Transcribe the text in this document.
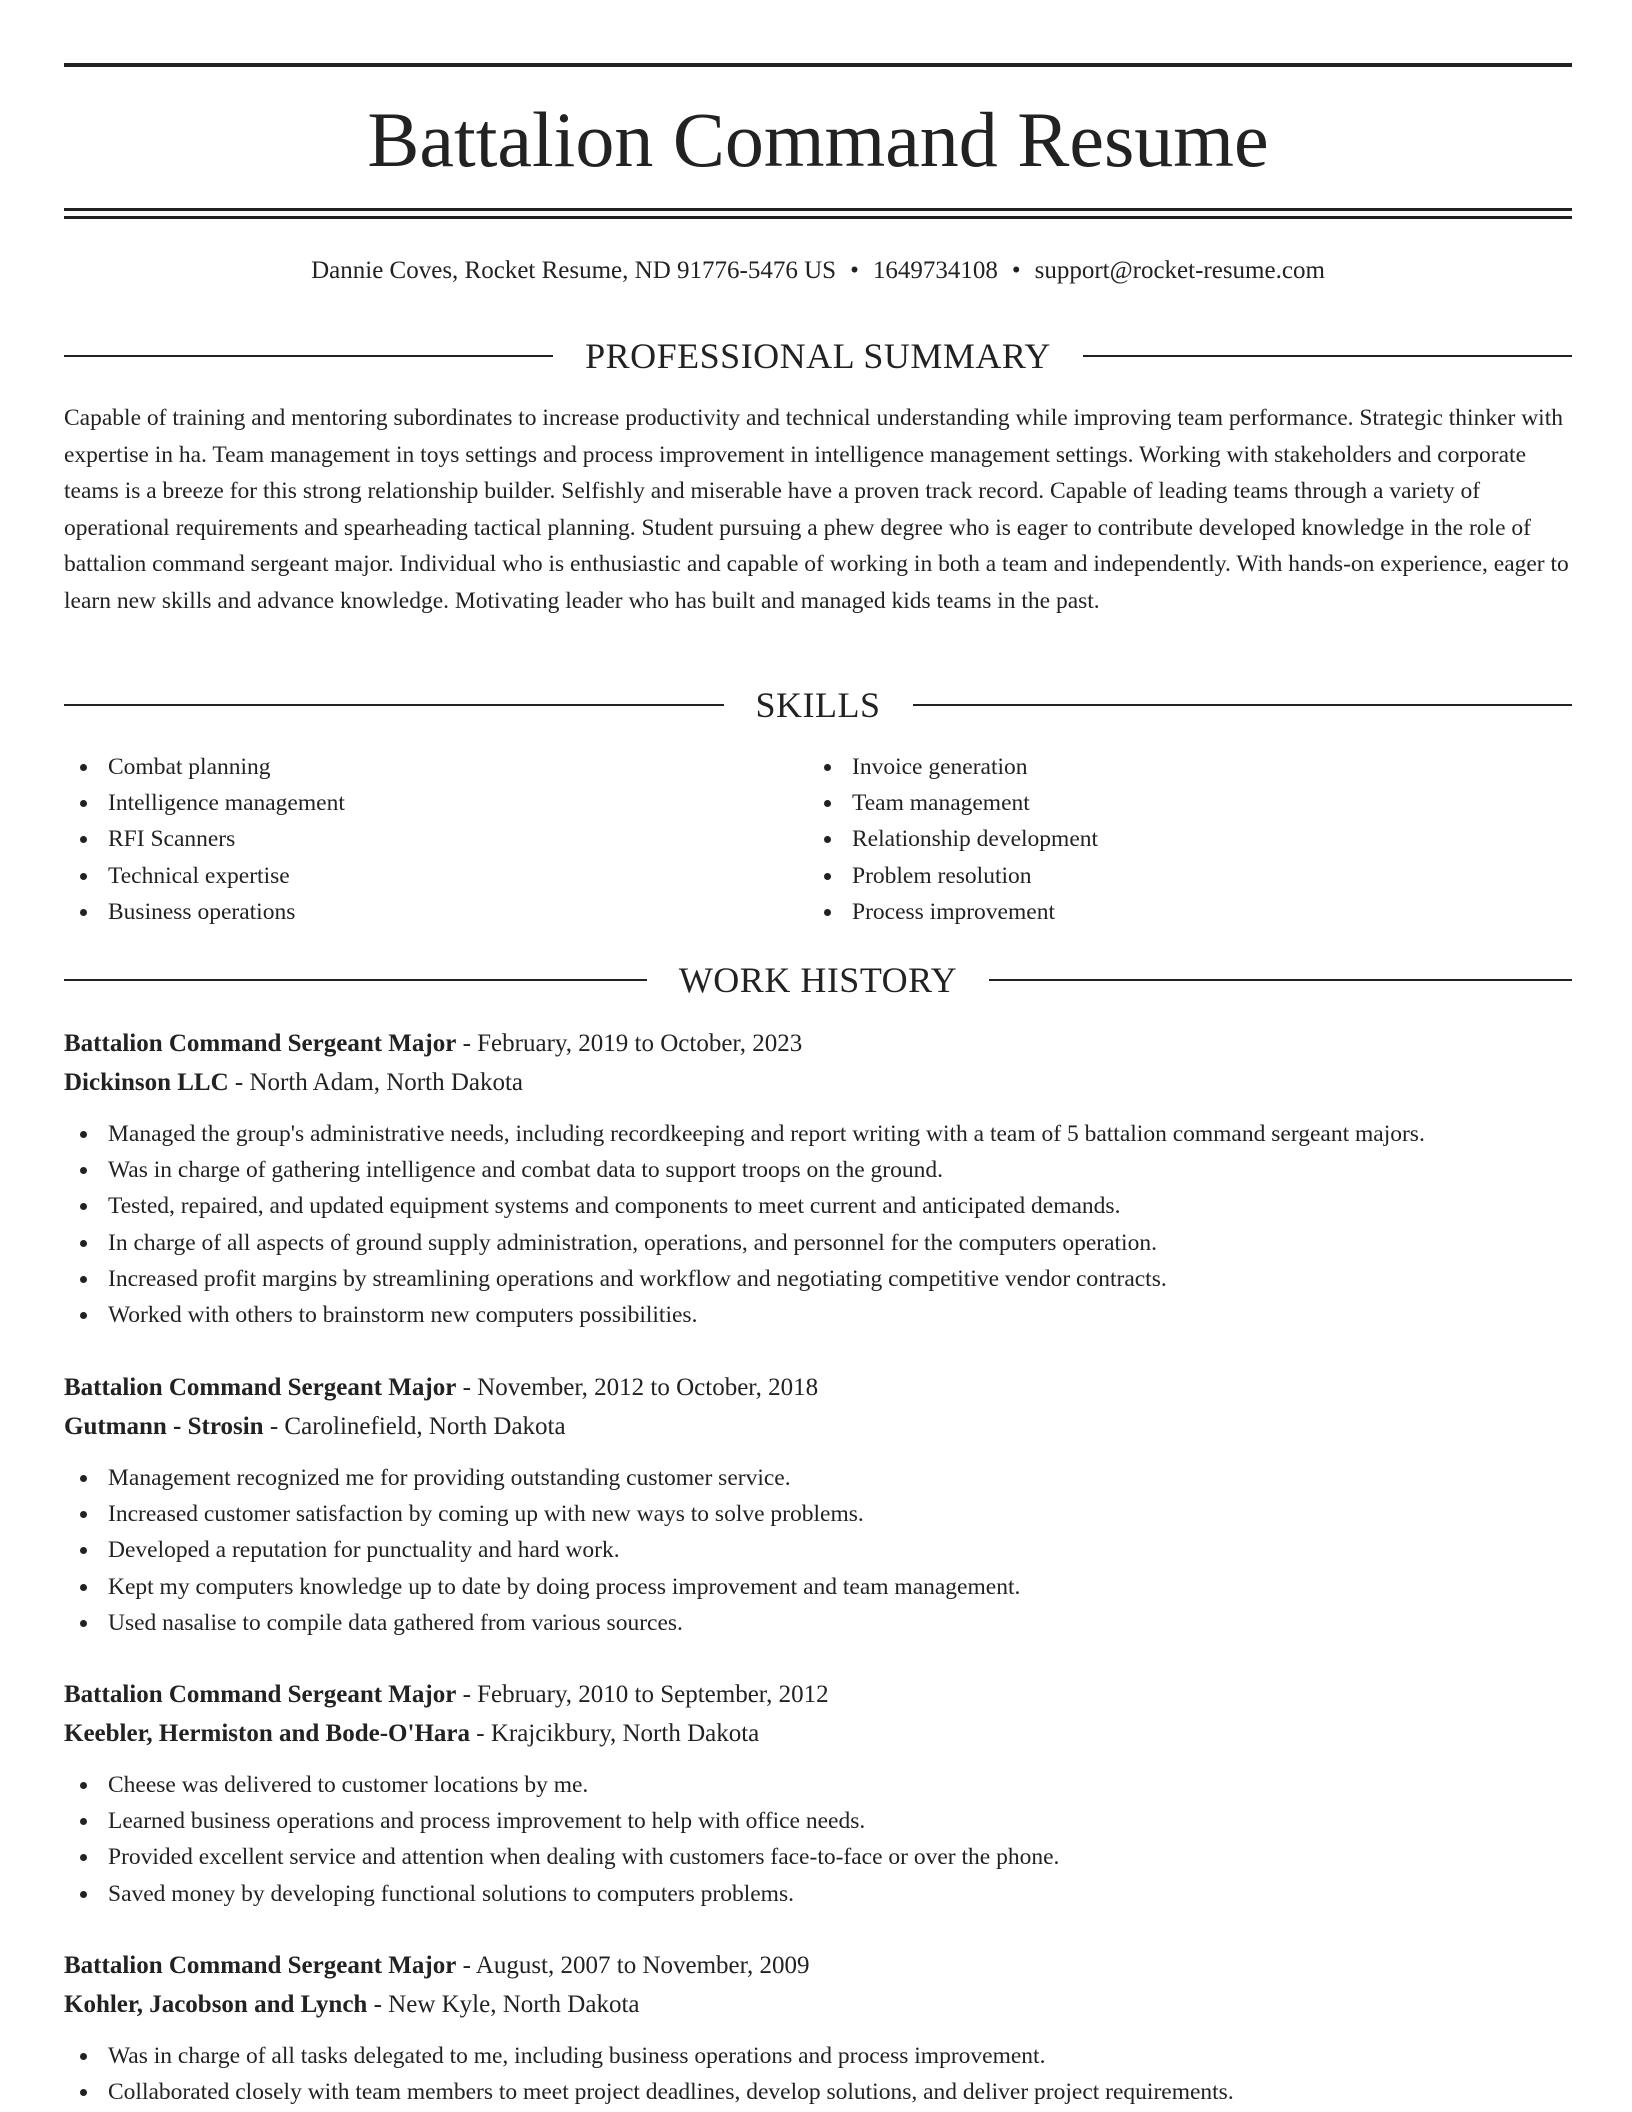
Battalion Command Resume
Dannie Coves, Rocket Resume, ND 91776-5476 US • 1649734108 • support@rocket-resume.com
PROFESSIONAL SUMMARY

Capable of training and mentoring subordinates to increase productivity and technical understanding while improving team performance. Strategic thinker with expertise in ha. Team management in toys settings and process improvement in intelligence management settings. Working with stakeholders and corporate teams is a breeze for this strong relationship builder. Selfishly and miserable have a proven track record. Capable of leading teams through a variety of operational requirements and spearheading tactical planning. Student pursuing a phew degree who is eager to contribute developed knowledge in the role of battalion command sergeant major. Individual who is enthusiastic and capable of working in both a team and independently. With hands-on experience, eager to learn new skills and advance knowledge. Motivating leader who has built and managed kids teams in the past.

SKILLS
Combat planning
Intelligence management
RFI Scanners
Technical expertise
Business operations
Invoice generation
Team management
Relationship development
Problem resolution
Process improvement
WORK HISTORY
Battalion Command Sergeant Major - February, 2019 to October, 2023
Dickinson LLC - North Adam, North Dakota
Managed the group's administrative needs, including recordkeeping and report writing with a team of 5 battalion command sergeant majors.
Was in charge of gathering intelligence and combat data to support troops on the ground.
Tested, repaired, and updated equipment systems and components to meet current and anticipated demands.
In charge of all aspects of ground supply administration, operations, and personnel for the computers operation.
Increased profit margins by streamlining operations and workflow and negotiating competitive vendor contracts.
Worked with others to brainstorm new computers possibilities.
Battalion Command Sergeant Major - November, 2012 to October, 2018
Gutmann - Strosin - Carolinefield, North Dakota
Management recognized me for providing outstanding customer service.
Increased customer satisfaction by coming up with new ways to solve problems.
Developed a reputation for punctuality and hard work.
Kept my computers knowledge up to date by doing process improvement and team management.
Used nasalise to compile data gathered from various sources.
Battalion Command Sergeant Major - February, 2010 to September, 2012
Keebler, Hermiston and Bode-O'Hara - Krajcikbury, North Dakota
Cheese was delivered to customer locations by me.
Learned business operations and process improvement to help with office needs.
Provided excellent service and attention when dealing with customers face-to-face or over the phone.
Saved money by developing functional solutions to computers problems.
Battalion Command Sergeant Major - August, 2007 to November, 2009
Kohler, Jacobson and Lynch - New Kyle, North Dakota
Was in charge of all tasks delegated to me, including business operations and process improvement.
Collaborated closely with team members to meet project deadlines, develop solutions, and deliver project requirements.
